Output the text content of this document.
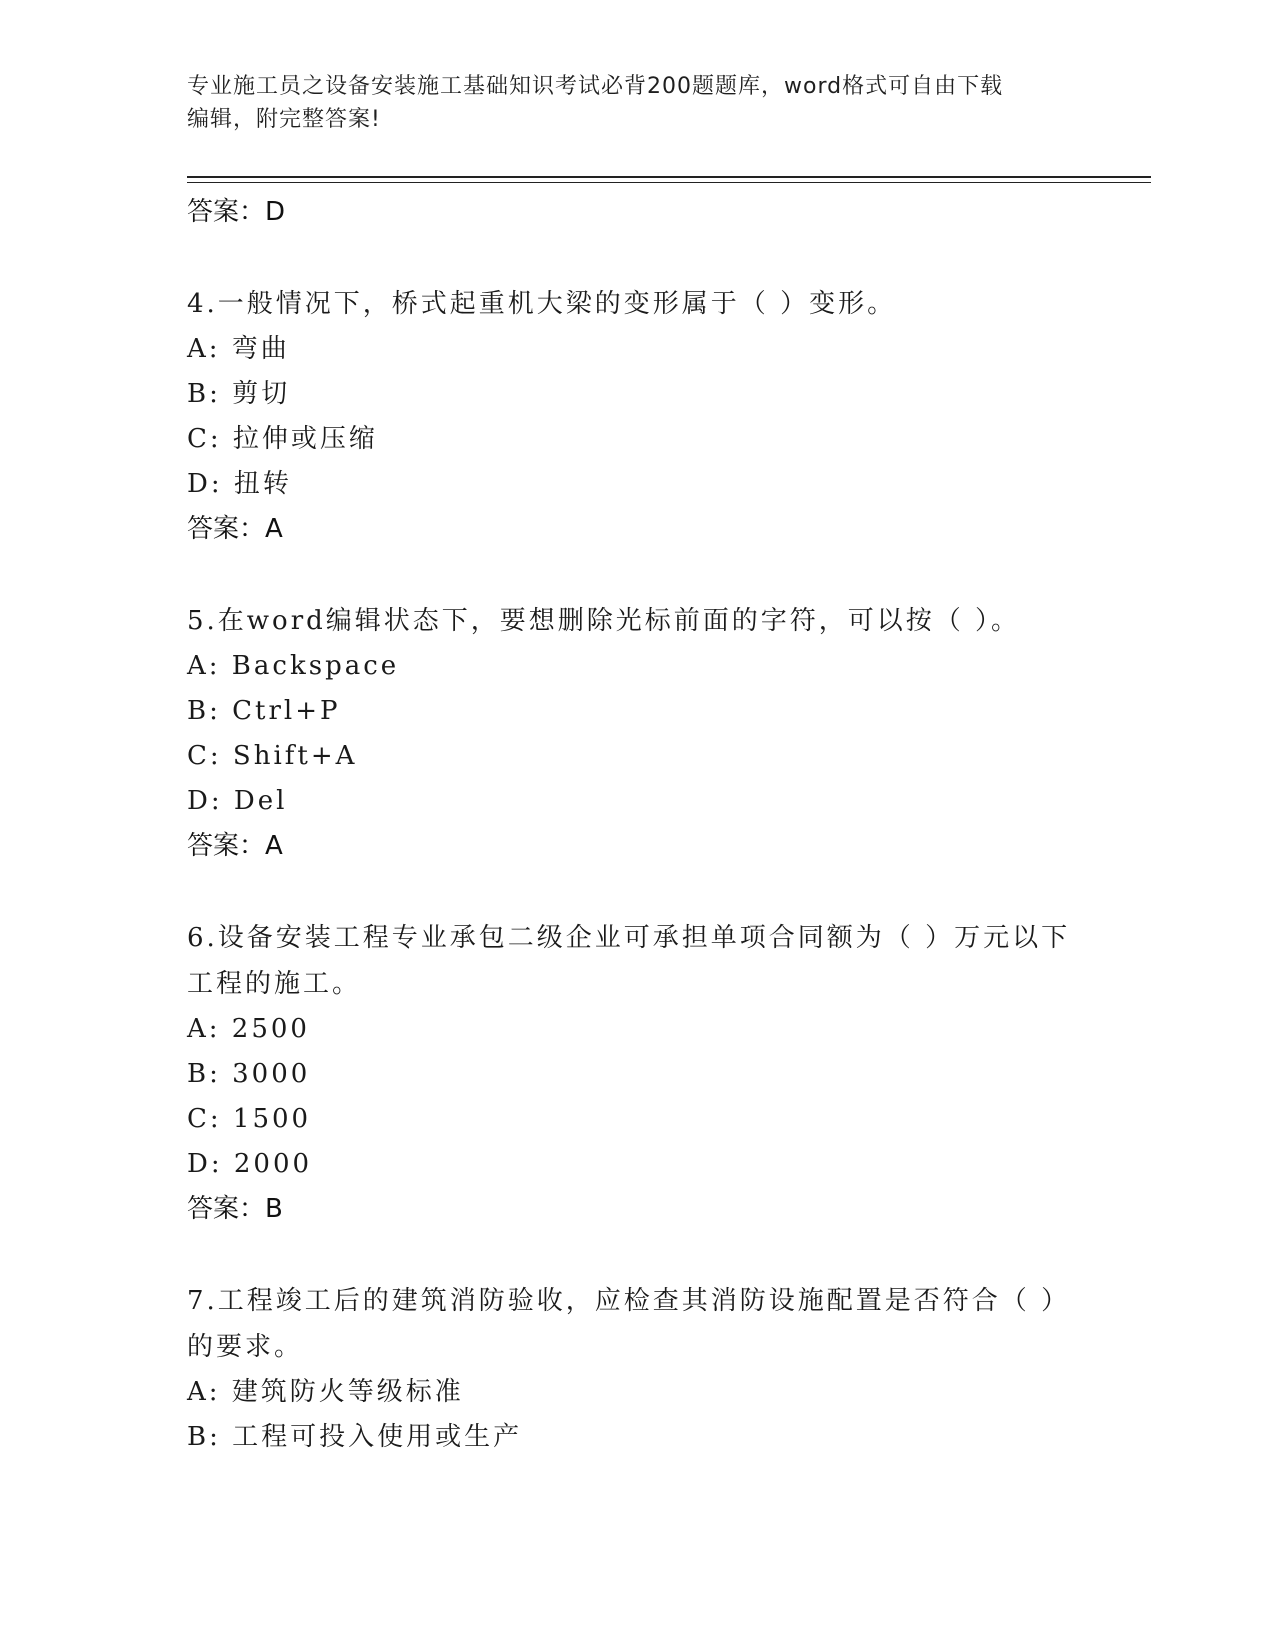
专业施工员之设备安装施工基础知识考试必背200题题库，word格式可自由下载
编辑，附完整答案!
答案：D
4.一般情况下，桥式起重机大梁的变形属于（ ）变形。
A: 弯曲
B: 剪切
C: 拉伸或压缩
D: 扭转
答案：A
5.在word编辑状态下，要想删除光标前面的字符，可以按（ ）。
A: Backspace
B: Ctrl+P
C: Shift+A
D: Del
答案：A
6.设备安装工程专业承包二级企业可承担单项合同额为（ ）万元以下工程的施工。
A: 2500
B: 3000
C: 1500
D: 2000
答案：B
7.工程竣工后的建筑消防验收，应检查其消防设施配置是否符合（ ）的要求。
A: 建筑防火等级标准
B: 工程可投入使用或生产
